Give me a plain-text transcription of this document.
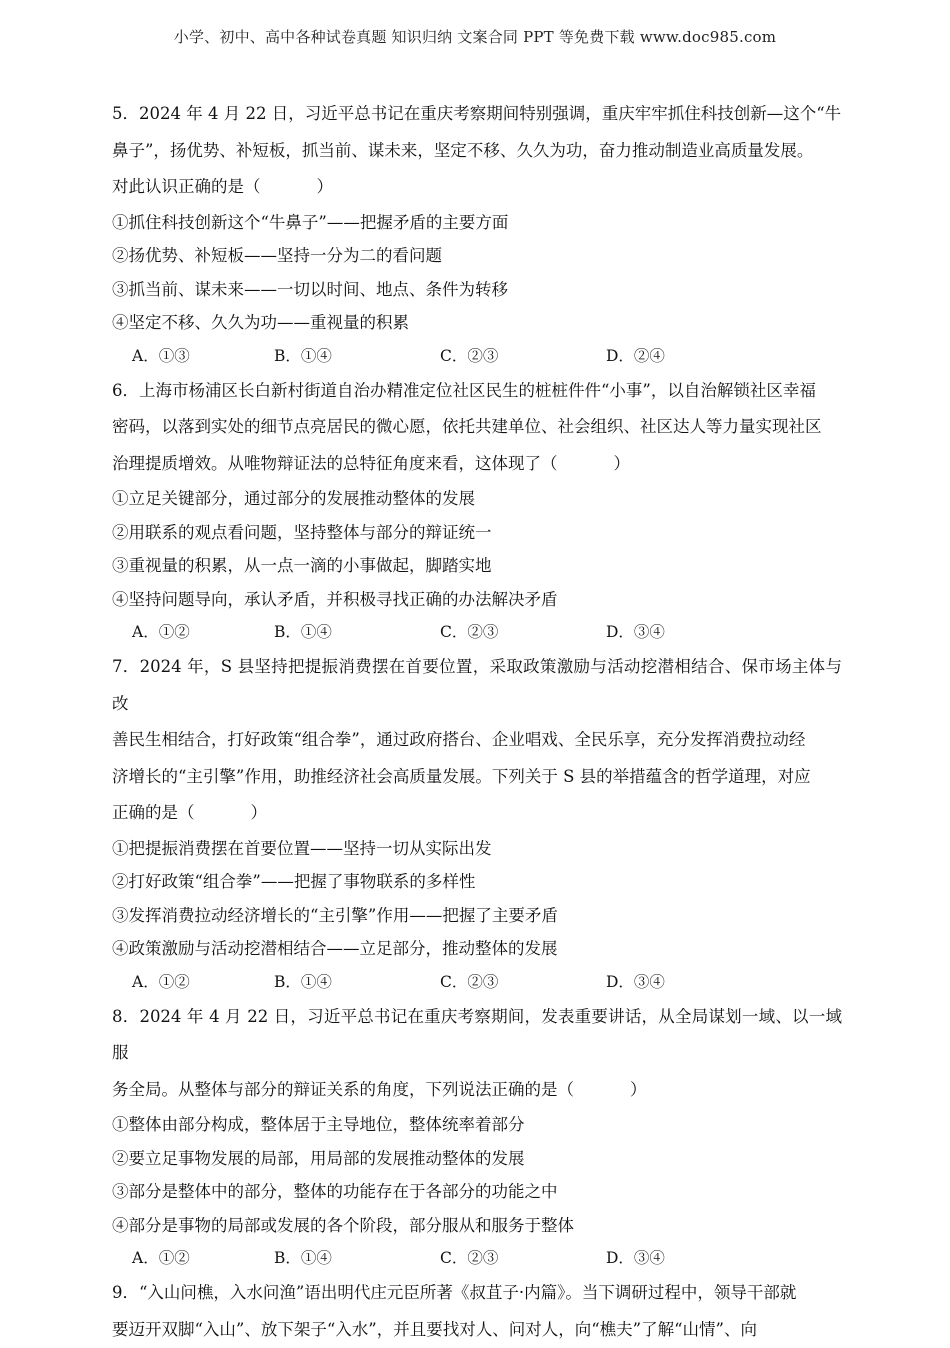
小学、初中、高中各种试卷真题 知识归纳 文案合同 PPT 等免费下载 www.doc985.com

5．2024 年 4 月 22 日，习近平总书记在重庆考察期间特别强调，重庆牢牢抓住科技创新—这个“牛

鼻子”，扬优势、补短板，抓当前、谋未来，坚定不移、久久为功，奋力推动制造业高质量发展。

对此认识正确的是（	）

①抓住科技创新这个“牛鼻子”——把握矛盾的主要方面

②扬优势、补短板——坚持一分为二的看问题

③抓当前、谋未来——一切以时间、地点、条件为转移

④坚定不移、久久为功——重视量的积累

A．①③	B．①④	C．②③	D．②④

6．上海市杨浦区长白新村街道自治办精准定位社区民生的桩桩件件“小事”，以自治解锁社区幸福

密码，以落到实处的细节点亮居民的微心愿，依托共建单位、社会组织、社区达人等力量实现社区

治理提质增效。从唯物辩证法的总特征角度来看，这体现了（	）

①立足关键部分，通过部分的发展推动整体的发展

②用联系的观点看问题，坚持整体与部分的辩证统一

③重视量的积累，从一点一滴的小事做起，脚踏实地

④坚持问题导向，承认矛盾，并积极寻找正确的办法解决矛盾

A．①②	B．①④	C．②③	D．③④

7．2024 年，S 县坚持把提振消费摆在首要位置，采取政策激励与活动挖潜相结合、保市场主体与改

善民生相结合，打好政策“组合拳”，通过政府搭台、企业唱戏、全民乐享，充分发挥消费拉动经

济增长的“主引擎”作用，助推经济社会高质量发展。下列关于 S 县的举措蕴含的哲学道理，对应

正确的是（	）

①把提振消费摆在首要位置——坚持一切从实际出发

②打好政策“组合拳”——把握了事物联系的多样性

③发挥消费拉动经济增长的“主引擎”作用——把握了主要矛盾

④政策激励与活动挖潜相结合——立足部分，推动整体的发展

A．①②	B．①④	C．②③	D．③④

8．2024 年 4 月 22 日，习近平总书记在重庆考察期间，发表重要讲话，从全局谋划一域、以一域服

务全局。从整体与部分的辩证关系的角度，下列说法正确的是（	）

①整体由部分构成，整体居于主导地位，整体统率着部分

②要立足事物发展的局部，用局部的发展推动整体的发展

③部分是整体中的部分，整体的功能存在于各部分的功能之中

④部分是事物的局部或发展的各个阶段，部分服从和服务于整体

A．①②	B．①④	C．②③	D．③④

9．“入山问樵，入水问渔”语出明代庄元臣所著《叔苴子·内篇》。当下调研过程中，领导干部就

要迈开双脚“入山”、放下架子“入水”，并且要找对人、问对人，向“樵夫”了解“山情”、向
